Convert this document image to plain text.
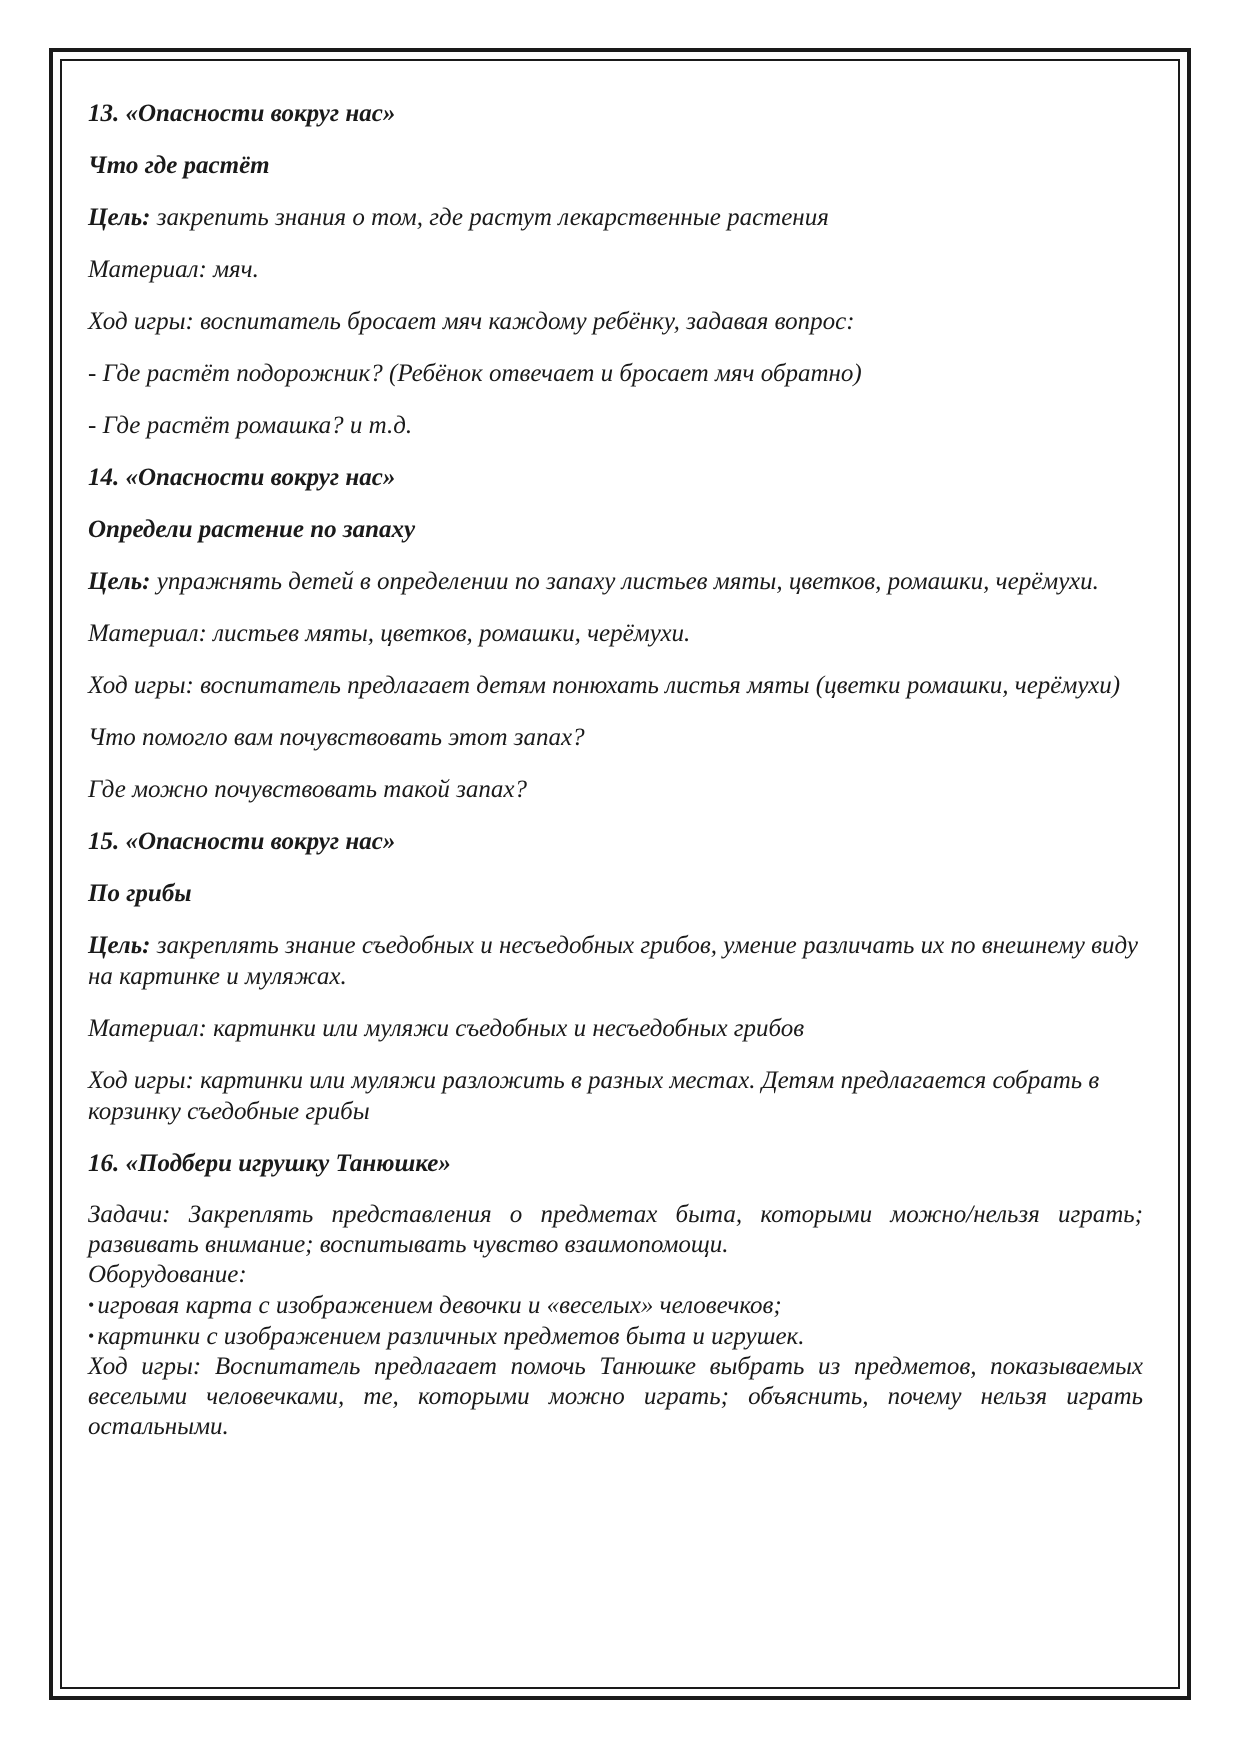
13. «Опасности вокруг нас»

Что где растёт

Цель: закрепить знания о том, где растут лекарственные растения

Материал: мяч.

Ход игры: воспитатель бросает мяч каждому ребёнку, задавая вопрос:

- Где растёт подорожник? (Ребёнок отвечает и бросает мяч обратно)

- Где растёт ромашка? и т.д.

14. «Опасности вокруг нас»

Определи растение по запаху

Цель: упражнять детей в определении по запаху листьев мяты, цветков, ромашки, черёмухи.

Материал: листьев мяты, цветков, ромашки, черёмухи.

Ход игры: воспитатель предлагает детям понюхать листья мяты (цветки ромашки, черёмухи)

Что помогло вам почувствовать этот запах?

Где можно почувствовать такой запах?

15. «Опасности вокруг нас»

По грибы

Цель: закреплять знание съедобных и несъедобных грибов, умение различать их по внешнему виду на картинке и муляжах.

Материал: картинки или муляжи съедобных и несъедобных грибов

Ход игры: картинки или муляжи разложить в разных местах. Детям предлагается собрать в корзинку съедобные грибы

16. «Подбери игрушку Танюшке»

Задачи: Закреплять представления о предметах быта, которыми можно/нельзя играть; развивать внимание; воспитывать чувство взаимопомощи.

Оборудование:

• игровая карта с изображением девочки и «веселых» человечков;

• картинки с изображением различных предметов быта и игрушек.

Ход игры: Воспитатель предлагает помочь Танюшке выбрать из предметов, показываемых веселыми человечками, те, которыми можно играть; объяснить, почему нельзя играть остальными.
